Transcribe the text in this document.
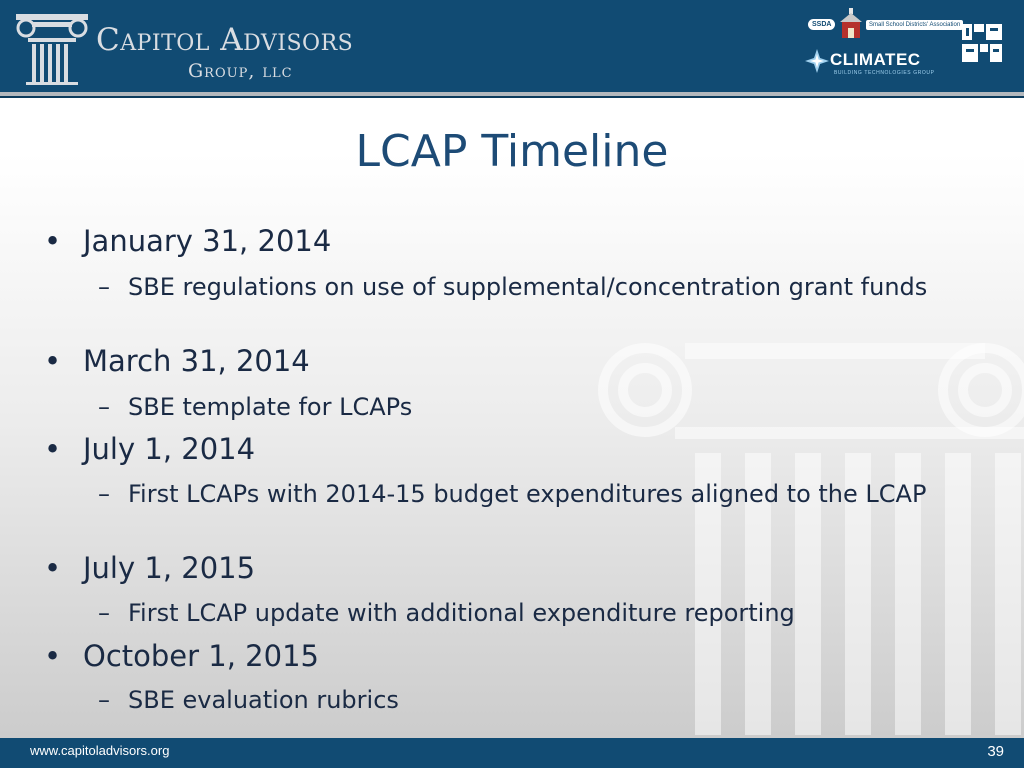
Capitol Advisors
Group, llc
SSDA	Small School Districts' Association
CLIMATEC
BUILDING TECHNOLOGIES GROUP
LCAP Timeline
• January 31, 2014
– SBE regulations on use of supplemental/concentration grant funds
• March 31, 2014
– SBE template for LCAPs
• July 1, 2014
– First LCAPs with 2014-15 budget expenditures aligned to the LCAP
• July 1, 2015
– First LCAP update with additional expenditure reporting
• October 1, 2015
– SBE evaluation rubrics
www.capitoladvisors.org	39
